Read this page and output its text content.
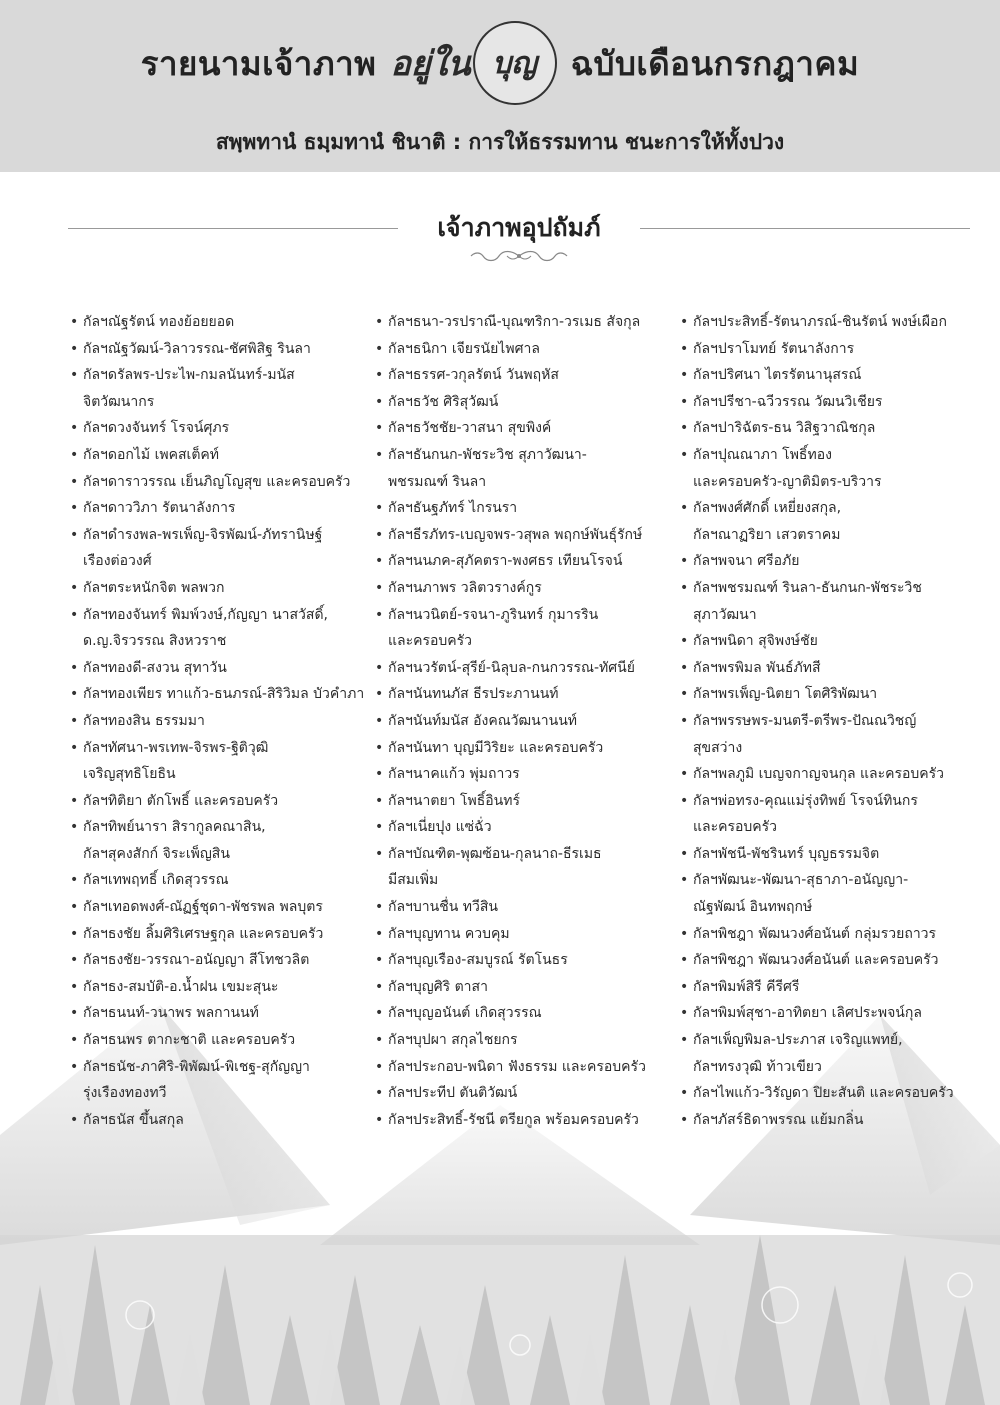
รายนามเจ้าภาพ อยู่ใน บุญ ฉบับเดือนกรกฎาคม
สพฺพทานํ ธมฺมทานํ ชินาติ : การให้ธรรมทาน ชนะการให้ทั้งปวง
เจ้าภาพอุปถัมภ์
• กัลฯณัฐรัตน์ ทองย้อยยอด
• กัลฯณัฐวัฒน์-วิลาวรรณ-ชัศพิสิฐ รินลา
• กัลฯดรัลพร-ประไพ-กมลนันทร์-มนัส
จิตวัฒนากร
• กัลฯดวงจันทร์ โรจน์ศุภร
• กัลฯดอกไม้ เพคสเต็คท์
• กัลฯดาราวรรณ เย็นภิญโญสุข และครอบครัว
• กัลฯดาววิภา รัตนาลังการ
• กัลฯดำรงพล-พรเพ็ญ-จิรพัฒน์-ภัทรานิษฐ์
เรืองต่อวงศ์
• กัลฯตระหนักจิต พลพวก
• กัลฯทองจันทร์ พิมพ์วงษ์,กัญญา นาสวัสดิ์,
ด.ญ.จิรวรรณ สิงหวราช
• กัลฯทองดี-สงวน สุทาวัน
• กัลฯทองเพียร ทาแก้ว-ธนภรณ์-สิริวิมล บัวคำภา
• กัลฯทองสิน ธรรมมา
• กัลฯทัศนา-พรเทพ-จิรพร-ฐิติวุฒิ
เจริญสุทธิโยธิน
• กัลฯทิติยา ตักโพธิ์ และครอบครัว
• กัลฯทิพย์นารา สิรากูลคณาสิน,
กัลฯสุคงสักก์ จิระเพ็ญสิน
• กัลฯเทพฤทธิ์ เกิดสุวรรณ
• กัลฯเทอดพงศ์-ณัฏฐ์ชุดา-พัชรพล พลบุตร
• กัลฯธงชัย ลิ้มศิริเศรษฐกุล และครอบครัว
• กัลฯธงชัย-วรรณา-อนัญญา สีโทชวลิต
• กัลฯธง-สมบัติ-อ.น้ำฝน เขมะสุนะ
• กัลฯธนนท์-วนาพร พลกานนท์
• กัลฯธนพร ตากะชาติ และครอบครัว
• กัลฯธนัช-ภาศิริ-พิพัฒน์-พิเชฐ-สุกัญญา
รุ่งเรืองทองทวี
• กัลฯธนัส ขึ้นสกุล
• กัลฯธนา-วรปราณี-บุณฑริกา-วรเมธ สัจกุล
• กัลฯธนิกา เจียรนัยไพศาล
• กัลฯธรรศ-วกุลรัตน์ วันพฤหัส
• กัลฯธวัช ศิริสุวัฒน์
• กัลฯธวัชชัย-วาสนา สุขพิงค์
• กัลฯธันกนก-พัชระวิช สุภาวัฒนา-
พชรมณฑ์ รินลา
• กัลฯธันฐภัทร์ ไกรนรา
• กัลฯธีรภัทร-เบญจพร-วสุพล พฤกษ์พันธุ์รักษ์
• กัลฯนนภค-สุภัคตรา-พงศธร เทียนโรจน์
• กัลฯนภาพร วลิตวรางค์กูร
• กัลฯนวนิตย์-รจนา-ภูรินทร์ กุมารริน
และครอบครัว
• กัลฯนวรัตน์-สุรีย์-นิลุบล-กนกวรรณ-ทัศนีย์
• กัลฯนันทนภัส ธีรประภานนท์
• กัลฯนันท์มนัส อังคณวัฒนานนท์
• กัลฯนันทา บุญมีวิริยะ และครอบครัว
• กัลฯนาคแก้ว พุ่มถาวร
• กัลฯนาตยา โพธิ์อินทร์
• กัลฯเนี่ยปุง แซ่ฉั่ว
• กัลฯบัณฑิต-พุฒซ้อน-กุลนาถ-ธีรเมธ
มีสมเพิ่ม
• กัลฯบานชื่น ทวีสิน
• กัลฯบุญทาน ควบคุม
• กัลฯบุญเรือง-สมบูรณ์ รัตโนธร
• กัลฯบุญศิริ ตาสา
• กัลฯบุญอนันต์ เกิดสุวรรณ
• กัลฯบุปผา สกุลไชยกร
• กัลฯประกอบ-พนิดา ฟังธรรม และครอบครัว
• กัลฯประทีป ตันติวัฒน์
• กัลฯประสิทธิ์-รัชนี ตรียกูล พร้อมครอบครัว
• กัลฯประสิทธิ์-รัตนาภรณ์-ชินรัตน์ พงษ์เผือก
• กัลฯปราโมทย์ รัตนาลังการ
• กัลฯปริศนา ไตรรัตนานุสรณ์
• กัลฯปรีชา-ฉวีวรรณ วัฒนวิเชียร
• กัลฯปาริฉัตร-ธน วิสิฐวาณิชกุล
• กัลฯปุณณาภา โพธิ์ทอง
และครอบครัว-ญาติมิตร-บริวาร
• กัลฯพงศ์ศักดิ์ เหยี่ยงสกุล,
กัลฯณาฏริยา เสวตราคม
• กัลฯพจนา ศรีอภัย
• กัลฯพชรมณฑ์ รินลา-ธันกนก-พัชระวิช
สุภาวัฒนา
• กัลฯพนิดา สุจิพงษ์ชัย
• กัลฯพรพิมล พันธ์ภัทสี
• กัลฯพรเพ็ญ-นิตยา โตศิริพัฒนา
• กัลฯพรรษพร-มนตรี-ตรีพร-ปัณณวิชญ์
สุขสว่าง
• กัลฯพลภูมิ เบญจกาญจนกุล และครอบครัว
• กัลฯพ่อทรง-คุณแม่รุ่งทิพย์ โรจน์ทินกร
และครอบครัว
• กัลฯพัชนี-พัชรินทร์ บุญธรรมจิต
• กัลฯพัฒนะ-พัฒนา-สุธาภา-อนัญญา-
ณัฐพัฒน์ อินทพฤกษ์
• กัลฯพิชฎา พัฒนวงศ์อนันต์ กลุ่มรวยถาวร
• กัลฯพิชฎา พัฒนวงศ์อนันต์ และครอบครัว
• กัลฯพิมพ์สิรี คีรีศรี
• กัลฯพิมพ์สุชา-อาทิตยา เลิศประพจน์กุล
• กัลฯเพ็ญพิมล-ประภาส เจริญแพทย์,
กัลฯทรงวุฒิ ท้าวเขียว
• กัลฯไพแก้ว-วิรัญดา ปิยะสันติ และครอบครัว
• กัลฯภัสร์ธิดาพรรณ แย้มกลิ่น
